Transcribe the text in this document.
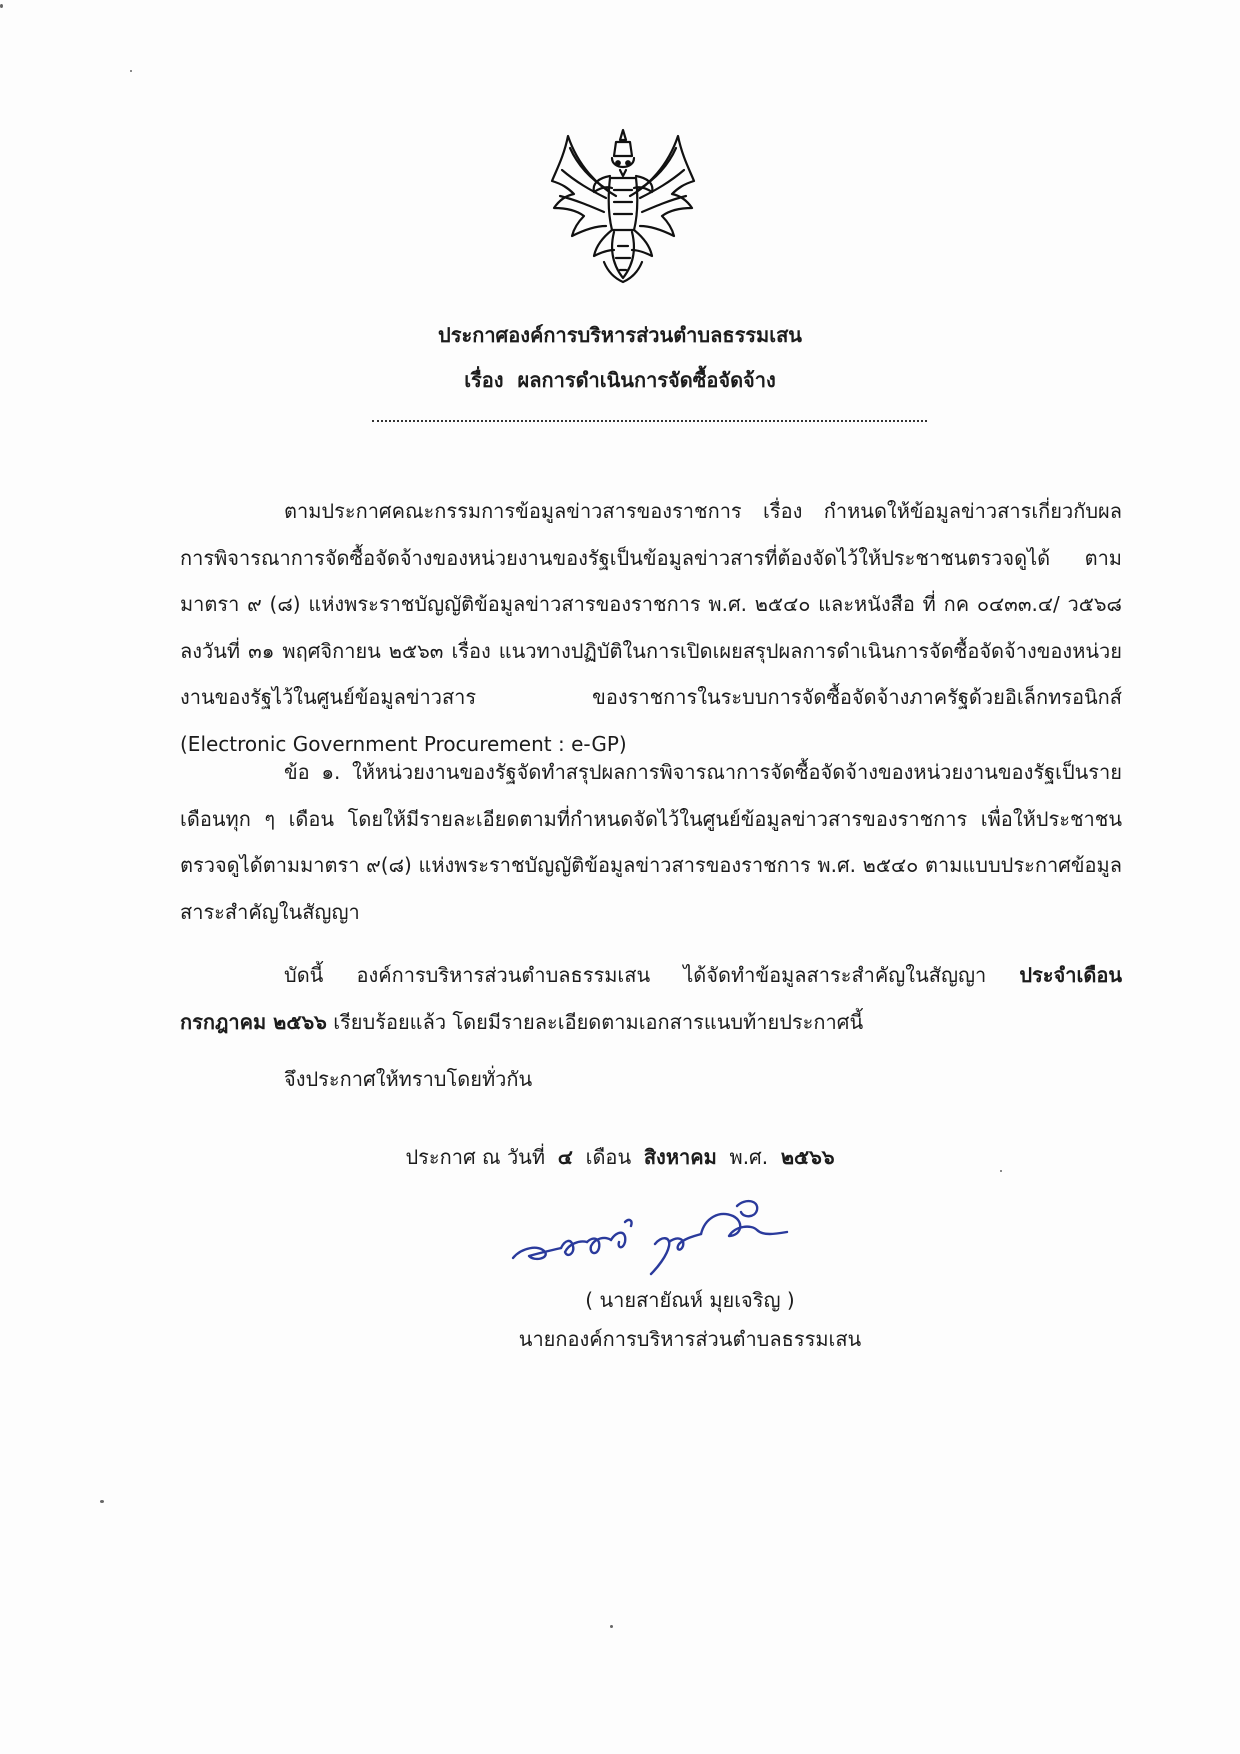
ประกาศองค์การบริหารส่วนตำบลธรรมเสน
เรื่อง ผลการดำเนินการจัดซื้อจัดจ้าง
ตามประกาศคณะกรรมการข้อมูลข่าวสารของราชการ เรื่อง กำหนดให้ข้อมูลข่าวสารเกี่ยวกับผลการพิจารณาการจัดซื้อจัดจ้างของหน่วยงานของรัฐเป็นข้อมูลข่าวสารที่ต้องจัดไว้ให้ประชาชนตรวจดูได้ ตามมาตรา ๙ (๘) แห่งพระราชบัญญัติข้อมูลข่าวสารของราชการ พ.ศ. ๒๕๔๐ และหนังสือ ที่ กค ๐๔๓๓.๔/ ว๕๖๘ ลงวันที่ ๓๑ พฤศจิกายน ๒๕๖๓ เรื่อง แนวทางปฏิบัติในการเปิดเผยสรุปผลการดำเนินการจัดซื้อจัดจ้างของหน่วยงานของรัฐไว้ในศูนย์ข้อมูลข่าวสาร ของราชการในระบบการจัดซื้อจัดจ้างภาครัฐด้วยอิเล็กทรอนิกส์ (Electronic Government Procurement : e-GP)
ข้อ ๑. ให้หน่วยงานของรัฐจัดทำสรุปผลการพิจารณาการจัดซื้อจัดจ้างของหน่วยงานของรัฐเป็นรายเดือนทุก ๆ เดือน โดยให้มีรายละเอียดตามที่กำหนดจัดไว้ในศูนย์ข้อมูลข่าวสารของราชการ เพื่อให้ประชาชนตรวจดูได้ตามมาตรา ๙(๘) แห่งพระราชบัญญัติข้อมูลข่าวสารของราชการ พ.ศ. ๒๕๔๐ ตามแบบประกาศข้อมูลสาระสำคัญในสัญญา
บัดนี้ องค์การบริหารส่วนตำบลธรรมเสน ได้จัดทำข้อมูลสาระสำคัญในสัญญา ประจำเดือน กรกฎาคม ๒๕๖๖ เรียบร้อยแล้ว โดยมีรายละเอียดตามเอกสารแนบท้ายประกาศนี้
จึงประกาศให้ทราบโดยทั่วกัน
ประกาศ ณ วันที่ ๔ เดือน สิงหาคม พ.ศ. ๒๕๖๖
( นายสายัณห์ มุยเจริญ )
นายกองค์การบริหารส่วนตำบลธรรมเสน
